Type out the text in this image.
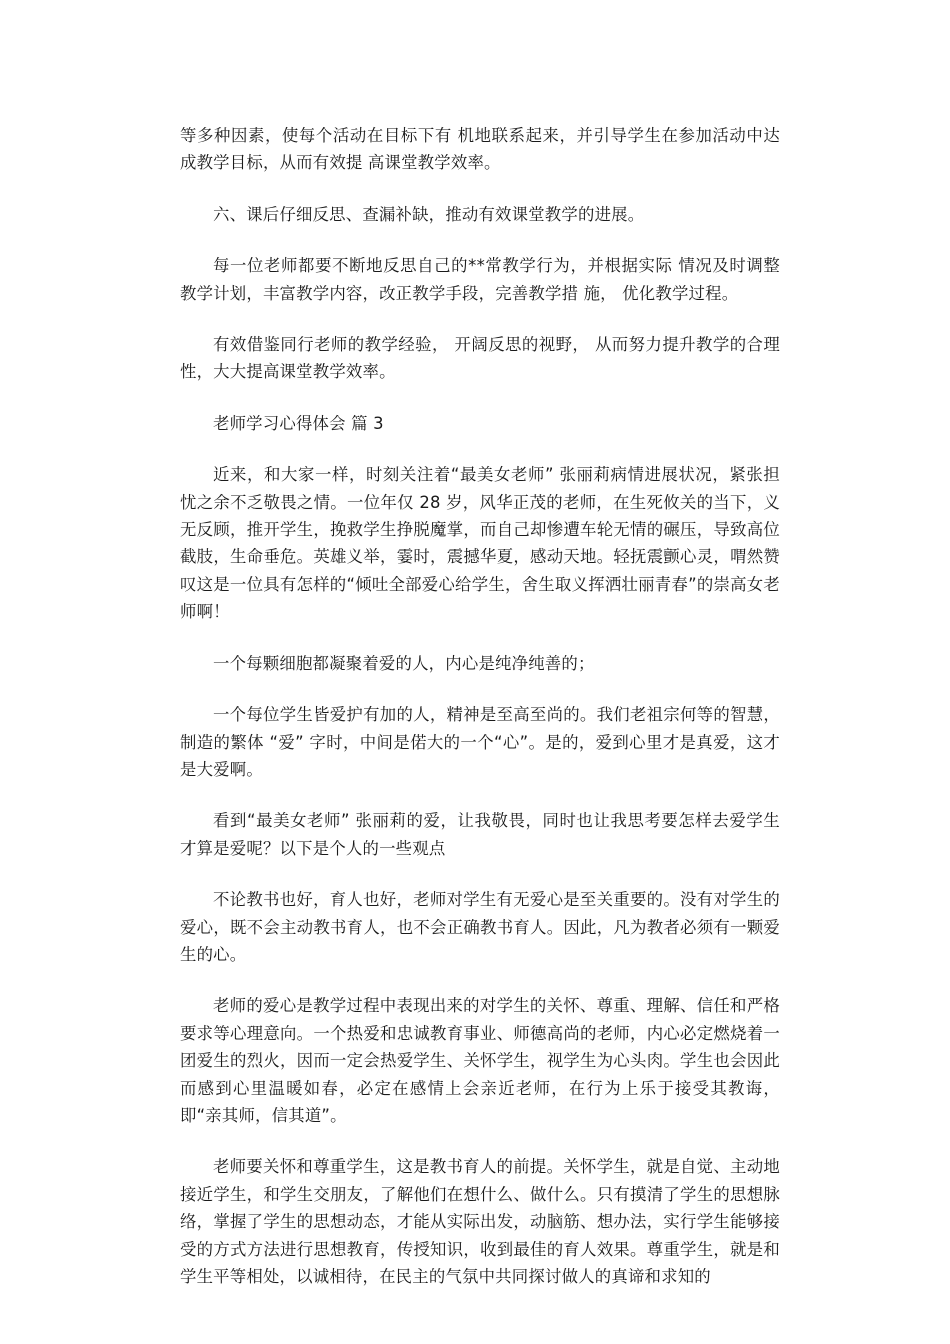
等多种因素，使每个活动在目标下有 机地联系起来，并引导学生在参加活动中达成教学目标，从而有效提 高课堂教学效率。

六、课后仔细反思、查漏补缺，推动有效课堂教学的进展。

每一位老师都要不断地反思自己的**常教学行为，并根据实际 情况及时调整教学计划，丰富教学内容，改正教学手段，完善教学措 施， 优化教学过程。

有效借鉴同行老师的教学经验， 开阔反思的视野， 从而努力提升教学的合理性，大大提高课堂教学效率。

老师学习心得体会 篇 3

近来，和大家一样，时刻关注着“最美女老师” 张丽莉病情进展状况，紧张担忧之余不乏敬畏之情。一位年仅 28 岁，风华正茂的老师，在生死攸关的当下，义无反顾，推开学生，挽救学生挣脱魔掌，而自己却惨遭车轮无情的碾压，导致高位截肢，生命垂危。英雄义举，霎时，震撼华夏，感动天地。轻抚震颤心灵，喟然赞叹这是一位具有怎样的“倾吐全部爱心给学生，舍生取义挥洒壮丽青春”的崇高女老师啊！

一个每颗细胞都凝聚着爱的人，内心是纯净纯善的；

一个每位学生皆爱护有加的人，精神是至高至尚的。我们老祖宗何等的智慧，制造的繁体 “爱” 字时，中间是偌大的一个“心”。是的，爱到心里才是真爱，这才是大爱啊。

看到“最美女老师” 张丽莉的爱，让我敬畏，同时也让我思考要怎样去爱学生才算是爱呢？以下是个人的一些观点

不论教书也好，育人也好，老师对学生有无爱心是至关重要的。没有对学生的爱心，既不会主动教书育人，也不会正确教书育人。因此，凡为教者必须有一颗爱生的心。

老师的爱心是教学过程中表现出来的对学生的关怀、尊重、理解、信任和严格要求等心理意向。一个热爱和忠诚教育事业、师德高尚的老师，内心必定燃烧着一团爱生的烈火，因而一定会热爱学生、关怀学生，视学生为心头肉。学生也会因此而感到心里温暖如春，必定在感情上会亲近老师，在行为上乐于接受其教诲，即“亲其师，信其道”。

老师要关怀和尊重学生，这是教书育人的前提。关怀学生，就是自觉、主动地接近学生，和学生交朋友，了解他们在想什么、做什么。只有摸清了学生的思想脉络，掌握了学生的思想动态，才能从实际出发，动脑筋、想办法，实行学生能够接受的方式方法进行思想教育，传授知识，收到最佳的育人效果。尊重学生，就是和学生平等相处，以诚相待，在民主的气氛中共同探讨做人的真谛和求知的
